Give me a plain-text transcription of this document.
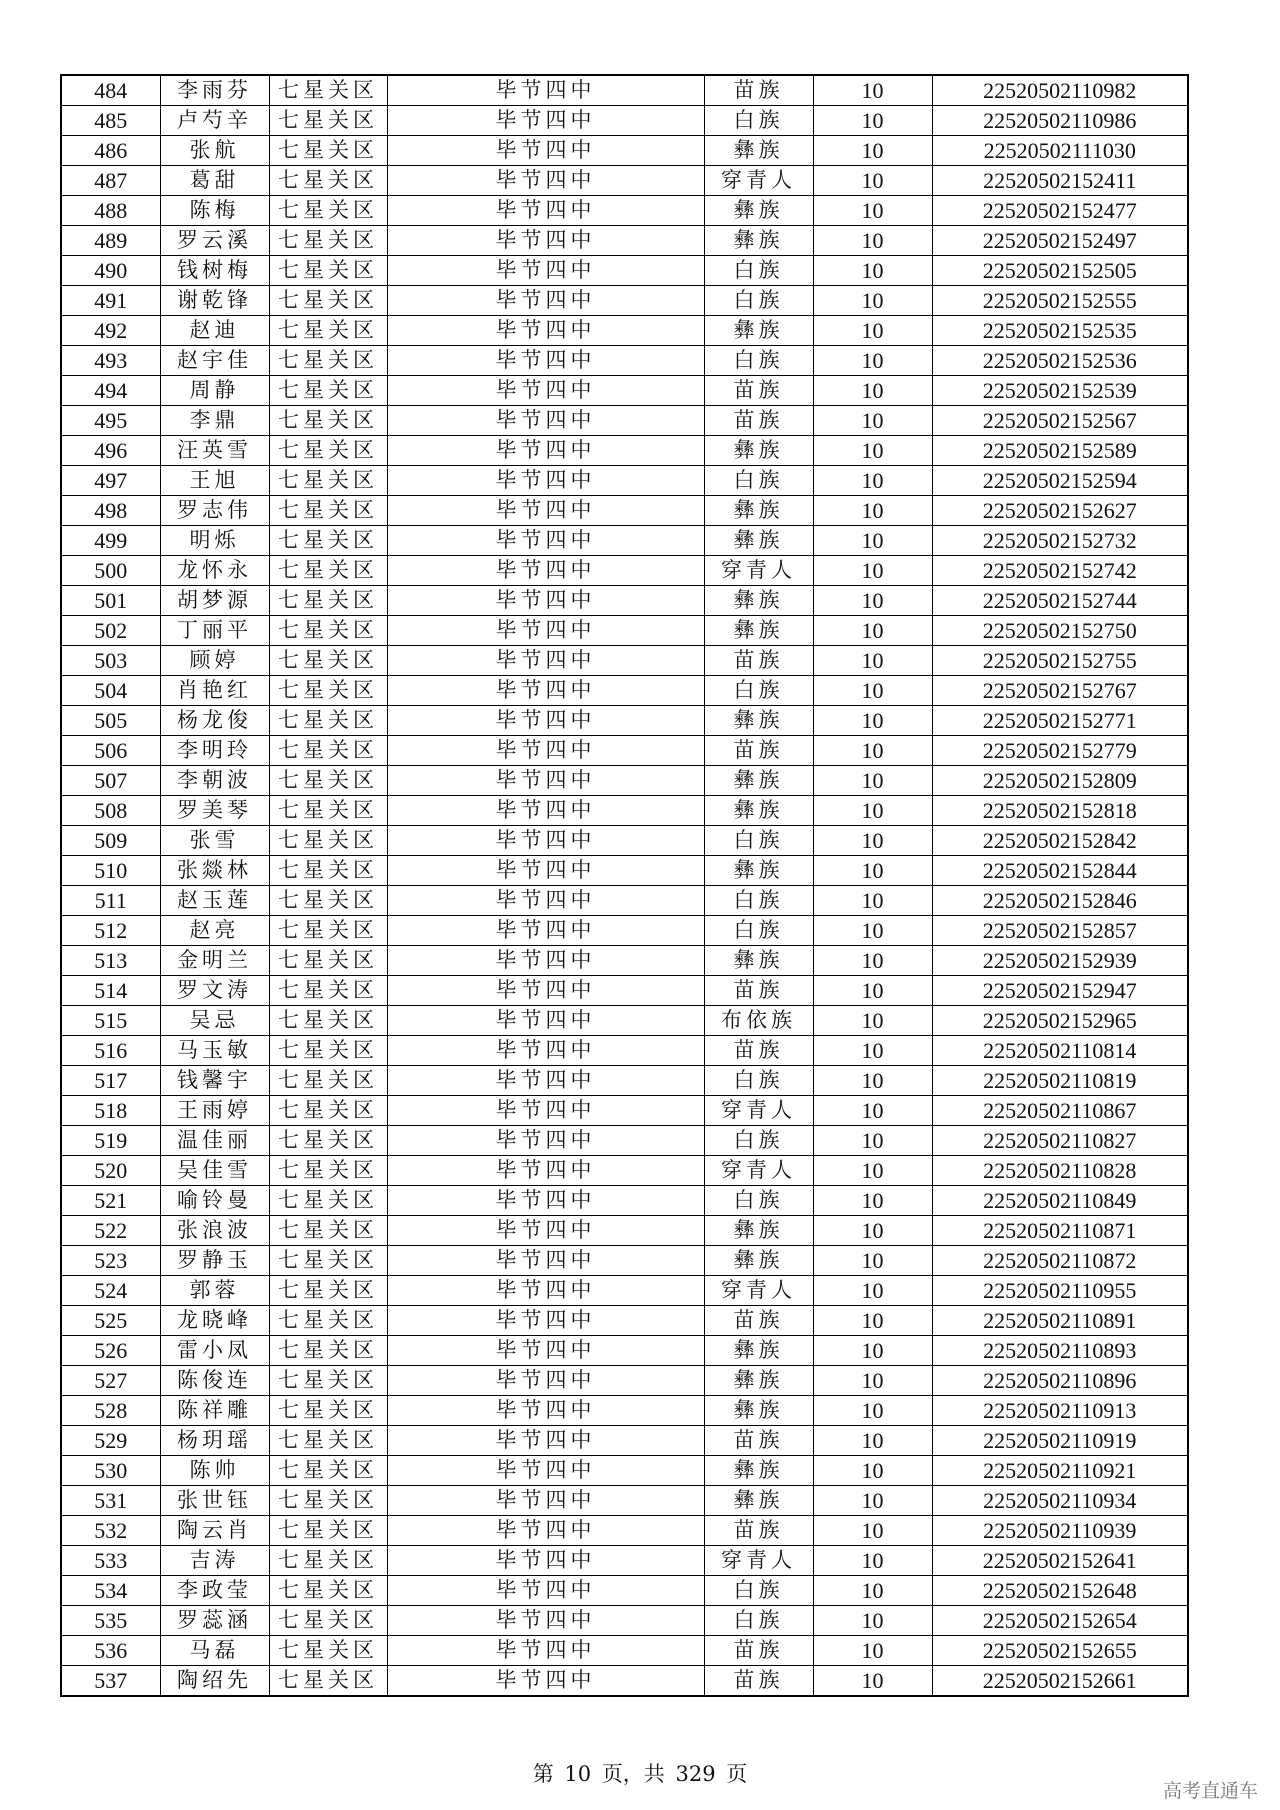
484	李雨芬	七星关区	毕节四中	苗族	10	22520502110982
485	卢芍辛	七星关区	毕节四中	白族	10	22520502110986
486	张航	七星关区	毕节四中	彝族	10	22520502111030
487	葛甜	七星关区	毕节四中	穿青人	10	22520502152411
488	陈梅	七星关区	毕节四中	彝族	10	22520502152477
489	罗云溪	七星关区	毕节四中	彝族	10	22520502152497
490	钱树梅	七星关区	毕节四中	白族	10	22520502152505
491	谢乾锋	七星关区	毕节四中	白族	10	22520502152555
492	赵迪	七星关区	毕节四中	彝族	10	22520502152535
493	赵宇佳	七星关区	毕节四中	白族	10	22520502152536
494	周静	七星关区	毕节四中	苗族	10	22520502152539
495	李鼎	七星关区	毕节四中	苗族	10	22520502152567
496	汪英雪	七星关区	毕节四中	彝族	10	22520502152589
497	王旭	七星关区	毕节四中	白族	10	22520502152594
498	罗志伟	七星关区	毕节四中	彝族	10	22520502152627
499	明烁	七星关区	毕节四中	彝族	10	22520502152732
500	龙怀永	七星关区	毕节四中	穿青人	10	22520502152742
501	胡梦源	七星关区	毕节四中	彝族	10	22520502152744
502	丁丽平	七星关区	毕节四中	彝族	10	22520502152750
503	顾婷	七星关区	毕节四中	苗族	10	22520502152755
504	肖艳红	七星关区	毕节四中	白族	10	22520502152767
505	杨龙俊	七星关区	毕节四中	彝族	10	22520502152771
506	李明玲	七星关区	毕节四中	苗族	10	22520502152779
507	李朝波	七星关区	毕节四中	彝族	10	22520502152809
508	罗美琴	七星关区	毕节四中	彝族	10	22520502152818
509	张雪	七星关区	毕节四中	白族	10	22520502152842
510	张燚林	七星关区	毕节四中	彝族	10	22520502152844
511	赵玉莲	七星关区	毕节四中	白族	10	22520502152846
512	赵亮	七星关区	毕节四中	白族	10	22520502152857
513	金明兰	七星关区	毕节四中	彝族	10	22520502152939
514	罗文涛	七星关区	毕节四中	苗族	10	22520502152947
515	吴忌	七星关区	毕节四中	布依族	10	22520502152965
516	马玉敏	七星关区	毕节四中	苗族	10	22520502110814
517	钱馨宇	七星关区	毕节四中	白族	10	22520502110819
518	王雨婷	七星关区	毕节四中	穿青人	10	22520502110867
519	温佳丽	七星关区	毕节四中	白族	10	22520502110827
520	吴佳雪	七星关区	毕节四中	穿青人	10	22520502110828
521	喻铃曼	七星关区	毕节四中	白族	10	22520502110849
522	张浪波	七星关区	毕节四中	彝族	10	22520502110871
523	罗静玉	七星关区	毕节四中	彝族	10	22520502110872
524	郭蓉	七星关区	毕节四中	穿青人	10	22520502110955
525	龙晓峰	七星关区	毕节四中	苗族	10	22520502110891
526	雷小凤	七星关区	毕节四中	彝族	10	22520502110893
527	陈俊连	七星关区	毕节四中	彝族	10	22520502110896
528	陈祥雕	七星关区	毕节四中	彝族	10	22520502110913
529	杨玥瑶	七星关区	毕节四中	苗族	10	22520502110919
530	陈帅	七星关区	毕节四中	彝族	10	22520502110921
531	张世钰	七星关区	毕节四中	彝族	10	22520502110934
532	陶云肖	七星关区	毕节四中	苗族	10	22520502110939
533	吉涛	七星关区	毕节四中	穿青人	10	22520502152641
534	李政莹	七星关区	毕节四中	白族	10	22520502152648
535	罗蕊涵	七星关区	毕节四中	白族	10	22520502152654
536	马磊	七星关区	毕节四中	苗族	10	22520502152655
537	陶绍先	七星关区	毕节四中	苗族	10	22520502152661
第 10 页，共 329 页
高考直通车
